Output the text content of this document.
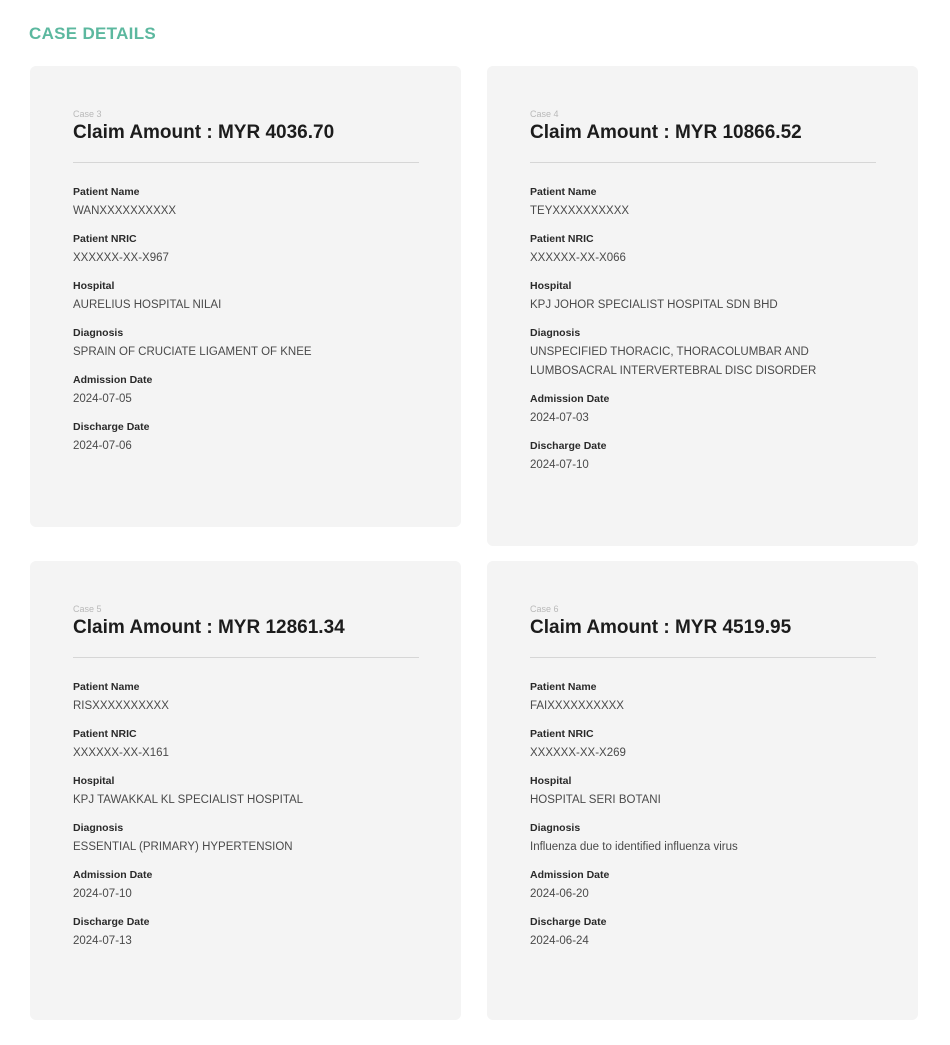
CASE DETAILS
Case 3
Claim Amount : MYR 4036.70
Patient Name
WANXXXXXXXXXX
Patient NRIC
XXXXXX-XX-X967
Hospital
AURELIUS HOSPITAL NILAI
Diagnosis
SPRAIN OF CRUCIATE LIGAMENT OF KNEE
Admission Date
2024-07-05
Discharge Date
2024-07-06
Case 4
Claim Amount : MYR 10866.52
Patient Name
TEYXXXXXXXXXX
Patient NRIC
XXXXXX-XX-X066
Hospital
KPJ JOHOR SPECIALIST HOSPITAL SDN BHD
Diagnosis
UNSPECIFIED THORACIC, THORACOLUMBAR AND LUMBOSACRAL INTERVERTEBRAL DISC DISORDER
Admission Date
2024-07-03
Discharge Date
2024-07-10
Case 5
Claim Amount : MYR 12861.34
Patient Name
RISXXXXXXXXXX
Patient NRIC
XXXXXX-XX-X161
Hospital
KPJ TAWAKKAL KL SPECIALIST HOSPITAL
Diagnosis
ESSENTIAL (PRIMARY) HYPERTENSION
Admission Date
2024-07-10
Discharge Date
2024-07-13
Case 6
Claim Amount : MYR 4519.95
Patient Name
FAIXXXXXXXXXX
Patient NRIC
XXXXXX-XX-X269
Hospital
HOSPITAL SERI BOTANI
Diagnosis
Influenza due to identified influenza virus
Admission Date
2024-06-20
Discharge Date
2024-06-24
